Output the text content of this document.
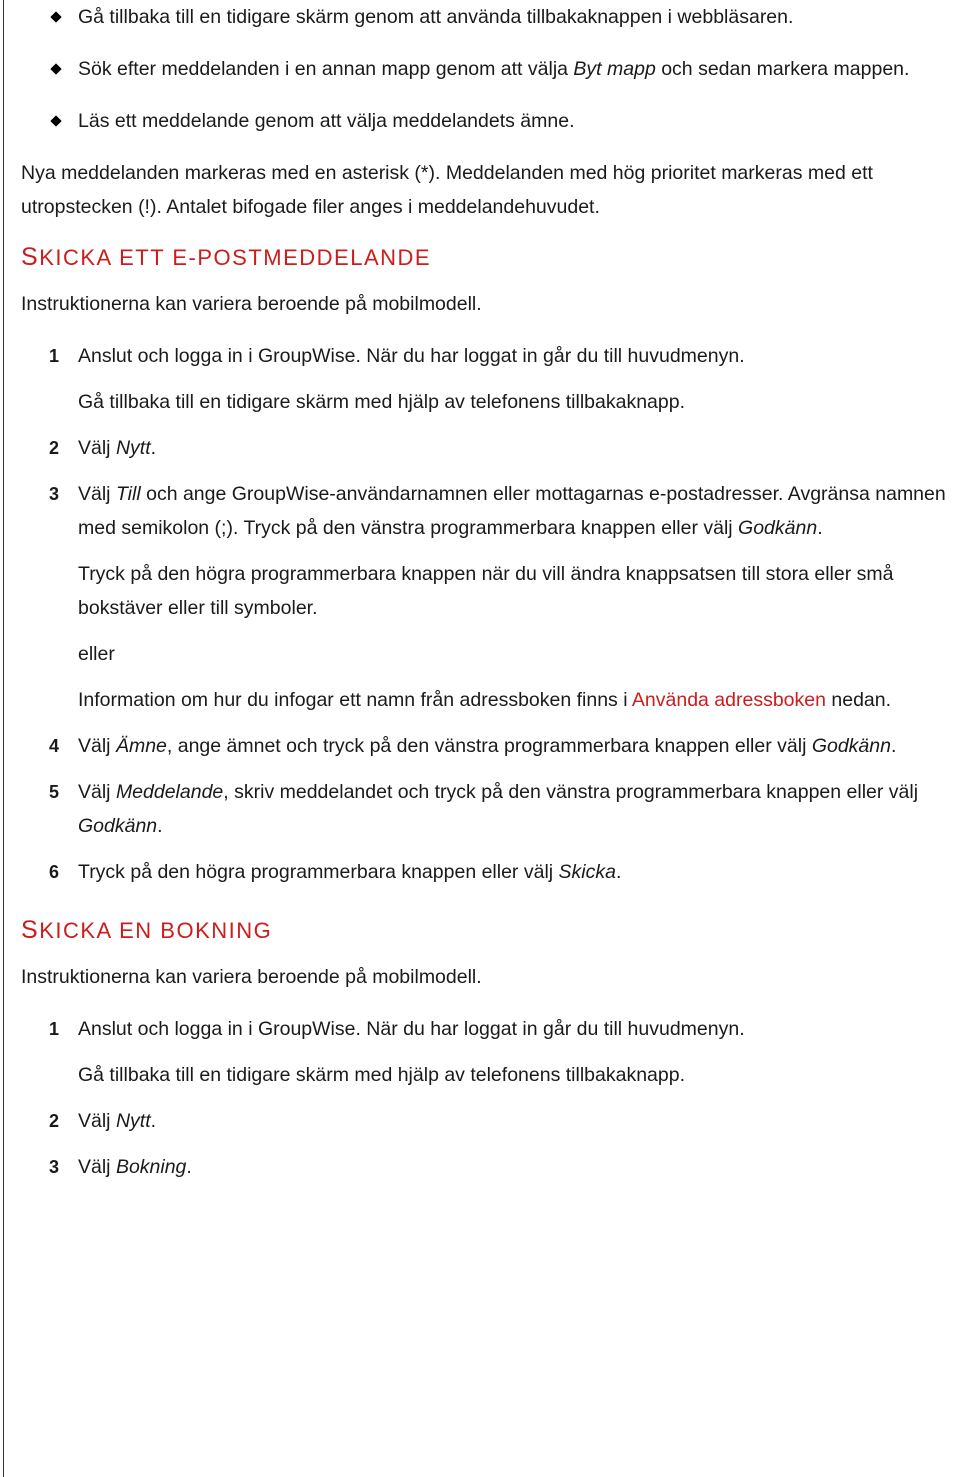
Gå tillbaka till en tidigare skärm genom att använda tillbakaknappen i webbläsaren.
Sök efter meddelanden i en annan mapp genom att välja Byt mapp och sedan markera mappen.
Läs ett meddelande genom att välja meddelandets ämne.

Nya meddelanden markeras med en asterisk (*). Meddelanden med hög prioritet markeras med ett utropstecken (!). Antalet bifogade filer anges i meddelandehuvudet.

SKICKA ETT E-POSTMEDDELANDE

Instruktionerna kan variera beroende på mobilmodell.

1 Anslut och logga in i GroupWise. När du har loggat in går du till huvudmenyn.
Gå tillbaka till en tidigare skärm med hjälp av telefonens tillbakaknapp.
2 Välj Nytt.
3 Välj Till och ange GroupWise-användarnamnen eller mottagarnas e-postadresser. Avgränsa namnen med semikolon (;). Tryck på den vänstra programmerbara knappen eller välj Godkänn.
Tryck på den högra programmerbara knappen när du vill ändra knappsatsen till stora eller små bokstäver eller till symboler.
eller
Information om hur du infogar ett namn från adressboken finns i Använda adressboken nedan.
4 Välj Ämne, ange ämnet och tryck på den vänstra programmerbara knappen eller välj Godkänn.
5 Välj Meddelande, skriv meddelandet och tryck på den vänstra programmerbara knappen eller välj Godkänn.
6 Tryck på den högra programmerbara knappen eller välj Skicka.
SKICKA EN BOKNING

Instruktionerna kan variera beroende på mobilmodell.

1 Anslut och logga in i GroupWise. När du har loggat in går du till huvudmenyn.
Gå tillbaka till en tidigare skärm med hjälp av telefonens tillbakaknapp.
2 Välj Nytt.
3 Välj Bokning.
